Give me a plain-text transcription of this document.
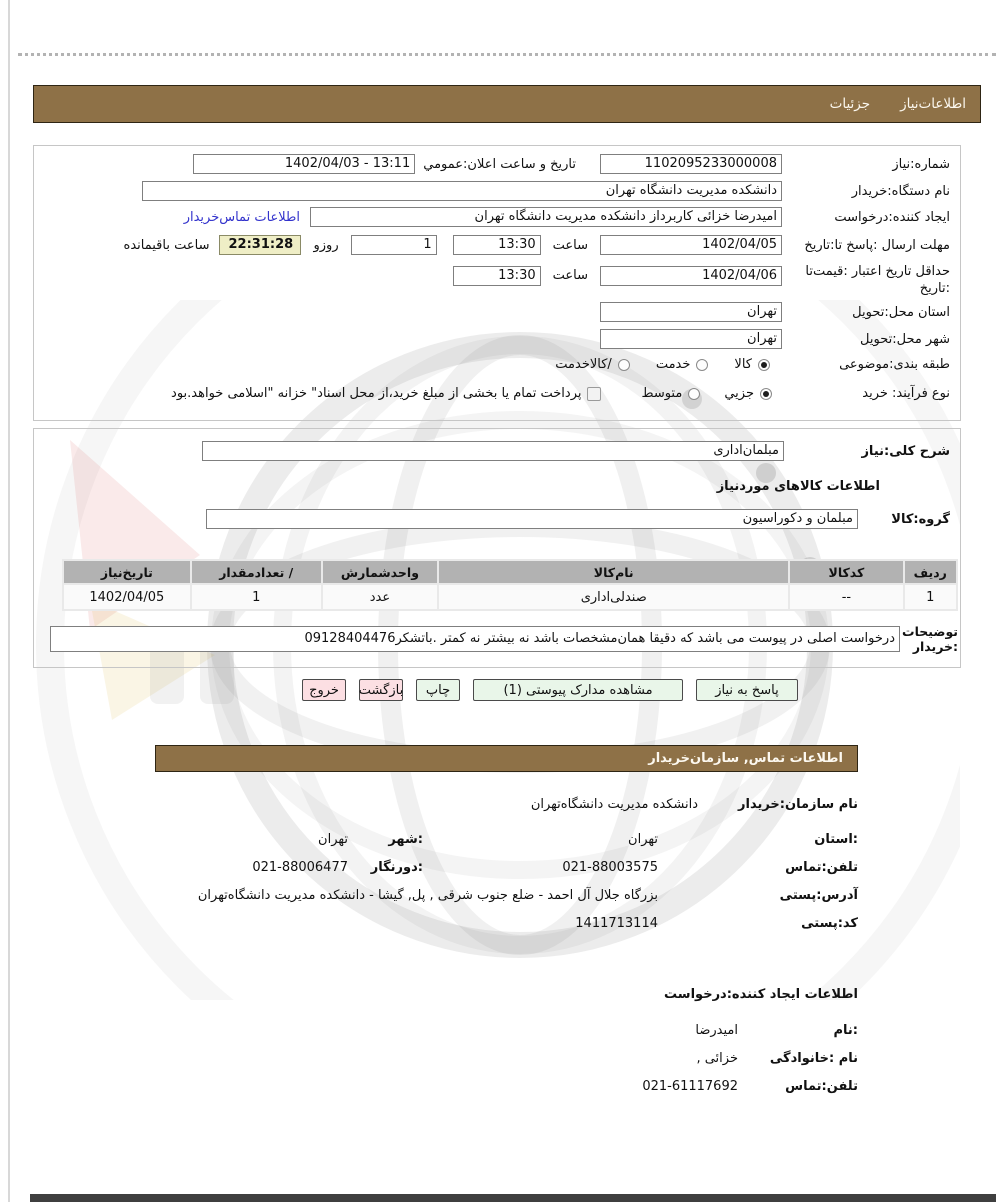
اطلاعات‌نیاز
جزئیات
شماره:نیاز
1102095233000008
تاریخ و ساعت اعلان:عمومي
1402/04/03 - 13:11
نام دستگاه:خریدار
دانشکده مدیریت دانشگاه تهران
ایجاد کننده:درخواست
امیدرضا خزائی کاربرداز دانشکده مدیریت دانشگاه تهران
اطلاعات تماس‌خریدار
مهلت ارسال :پاسخ تا:تاریخ
1402/04/05
ساعت
13:30
1
روزو
22:31:28
ساعت باقیمانده
حداقل تاریخ اعتبار :قیمت‌تا :تاریخ
1402/04/06
ساعت
13:30
استان محل:تحویل
تهران
شهر محل:تحویل
تهران
طبقه بندی:موضوعی
کالا
خدمت
/کالاخدمت
نوع فرآیند: خرید
جزیي
متوسط
پرداخت تمام یا بخشی از مبلغ خرید،از محل اسناد" خزانه "اسلامی خواهد.بود
شرح کلی:نیاز
مبلمان‌اداری
اطلاعات کالاهای موردنیاز
گروه:کالا
مبلمان و دکوراسیون
ردیف	کدکالا	نام‌کالا	واحدشمارش	/ تعدادمقدار	تاریخ‌نیاز
1	--	صندلی‌اداری	عدد	1	1402/04/05
توضیحات
:خریدار
درخواست اصلی در پیوست می باشد که دقیقا همان‌مشخصات باشد نه بیشتر نه کمتر .باتشکر09128404476
پاسخ به نیاز
مشاهده مدارک پیوستی (1)
چاپ
بازگشت
خروج
اطلاعات تماس, سازمان‌خریدار
نام سازمان:خریدار
دانشکده مدیریت دانشگاه‌تهران
:استان
تهران
:شهر
تهران
تلفن:تماس
021-88003575
:دورنگار
021-88006477
آدرس:پستی
بزرگاه جلال آل احمد - ضلع جنوب شرقی , پل, گیشا - دانشکده مدیریت دانشگاه‌تهران
کد:پستی
1411713114
اطلاعات ایجاد کننده:درخواست
:نام
امیدرضا
نام :خانوادگی
خزائی ,
تلفن:تماس
021-61117692
